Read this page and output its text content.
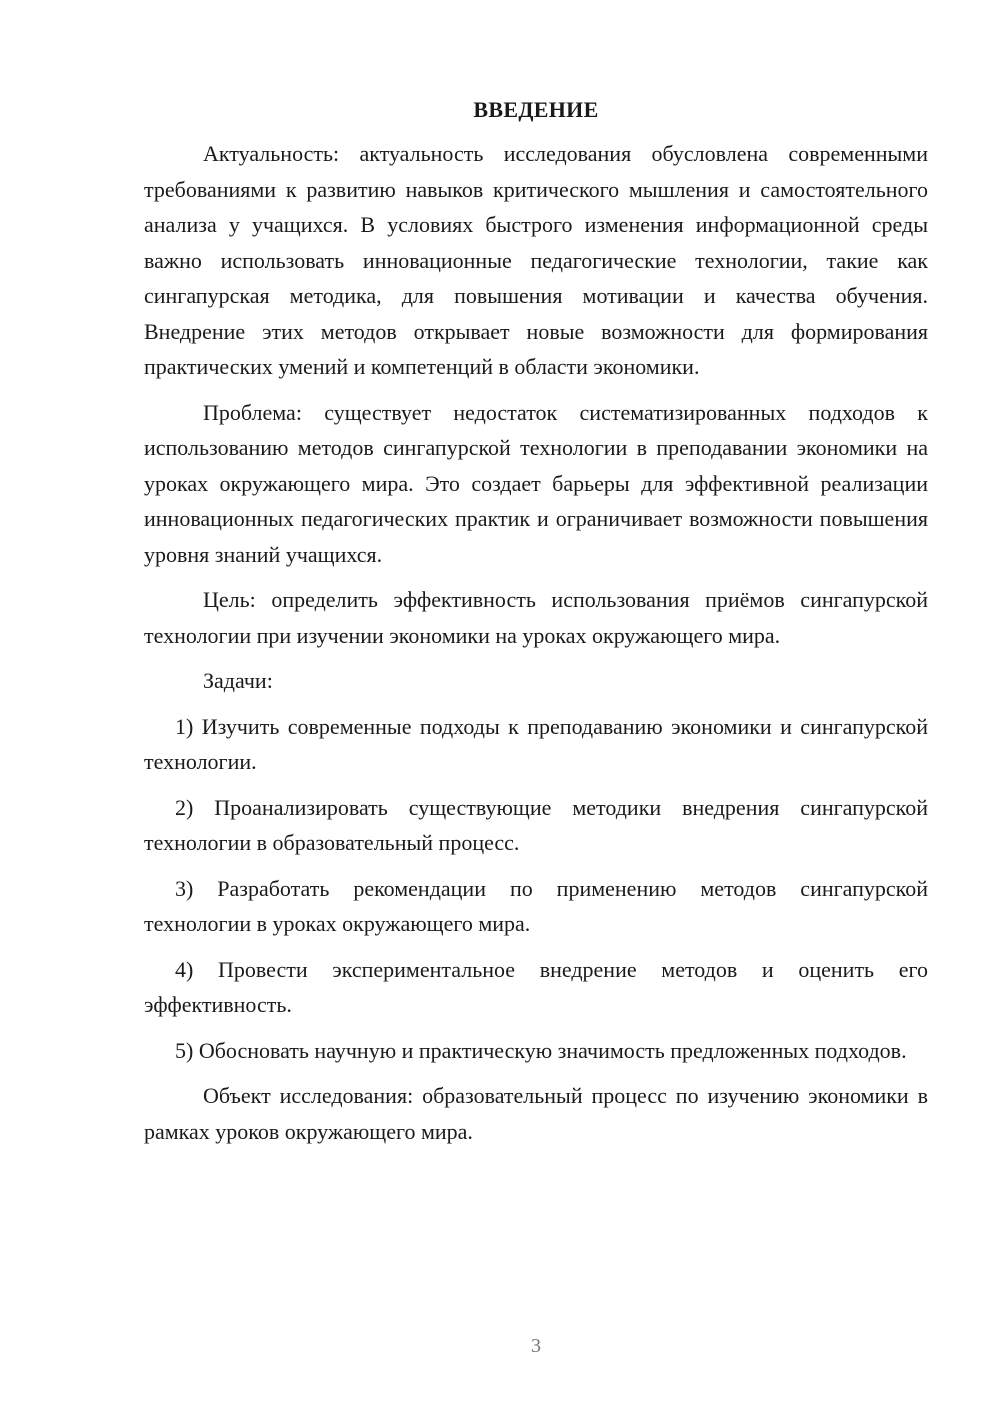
ВВЕДЕНИЕ

Актуальность: актуальность исследования обусловлена современными требованиями к развитию навыков критического мышления и самостоятельного анализа у учащихся. В условиях быстрого изменения информационной среды важно использовать инновационные педагогические технологии, такие как сингапурская методика, для повышения мотивации и качества обучения. Внедрение этих методов открывает новые возможности для формирования практических умений и компетенций в области экономики.

Проблема: существует недостаток систематизированных подходов к использованию методов сингапурской технологии в преподавании экономики на уроках окружающего мира. Это создает барьеры для эффективной реализации инновационных педагогических практик и ограничивает возможности повышения уровня знаний учащихся.

Цель: определить эффективность использования приёмов сингапурской технологии при изучении экономики на уроках окружающего мира.

Задачи:

1) Изучить современные подходы к преподаванию экономики и сингапурской технологии.

2) Проанализировать существующие методики внедрения сингапурской технологии в образовательный процесс.

3) Разработать рекомендации по применению методов сингапурской технологии в уроках окружающего мира.

4) Провести экспериментальное внедрение методов и оценить его эффективность.

5) Обосновать научную и практическую значимость предложенных подходов.

Объект исследования: образовательный процесс по изучению экономики в рамках уроков окружающего мира.

3
